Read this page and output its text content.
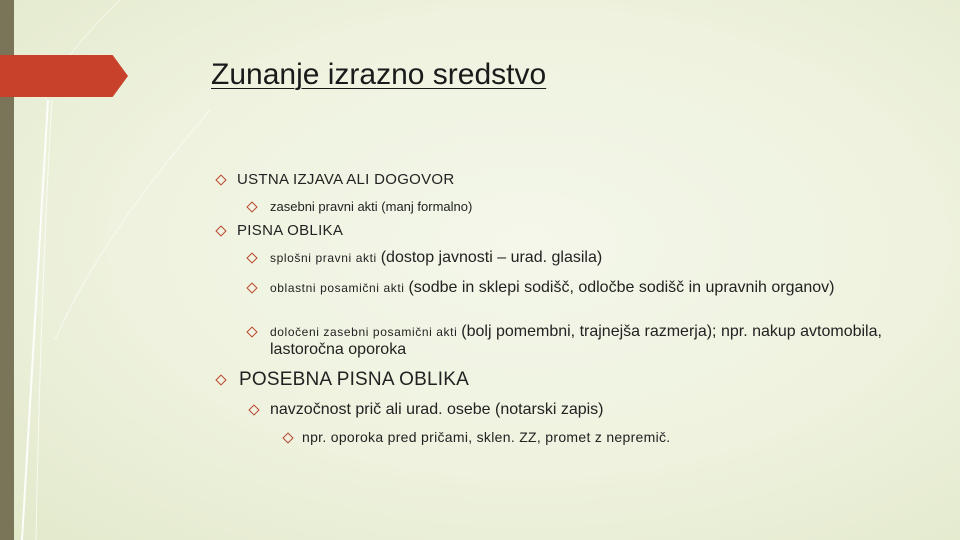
Zunanje izrazno sredstvo
USTNA IZJAVA ALI DOGOVOR
zasebni pravni akti (manj formalno)
PISNA OBLIKA
splošni pravni akti (dostop javnosti – urad. glasila)
oblastni posamični akti (sodbe in sklepi sodišč, odločbe sodišč in upravnih organov)
določeni zasebni posamični akti (bolj pomembni, trajnejša razmerja); npr. nakup avtomobila, lastoročna oporoka
POSEBNA PISNA OBLIKA
navzočnost prič ali urad. osebe (notarski zapis)
npr. oporoka pred pričami, sklen. ZZ, promet z nepremič.
